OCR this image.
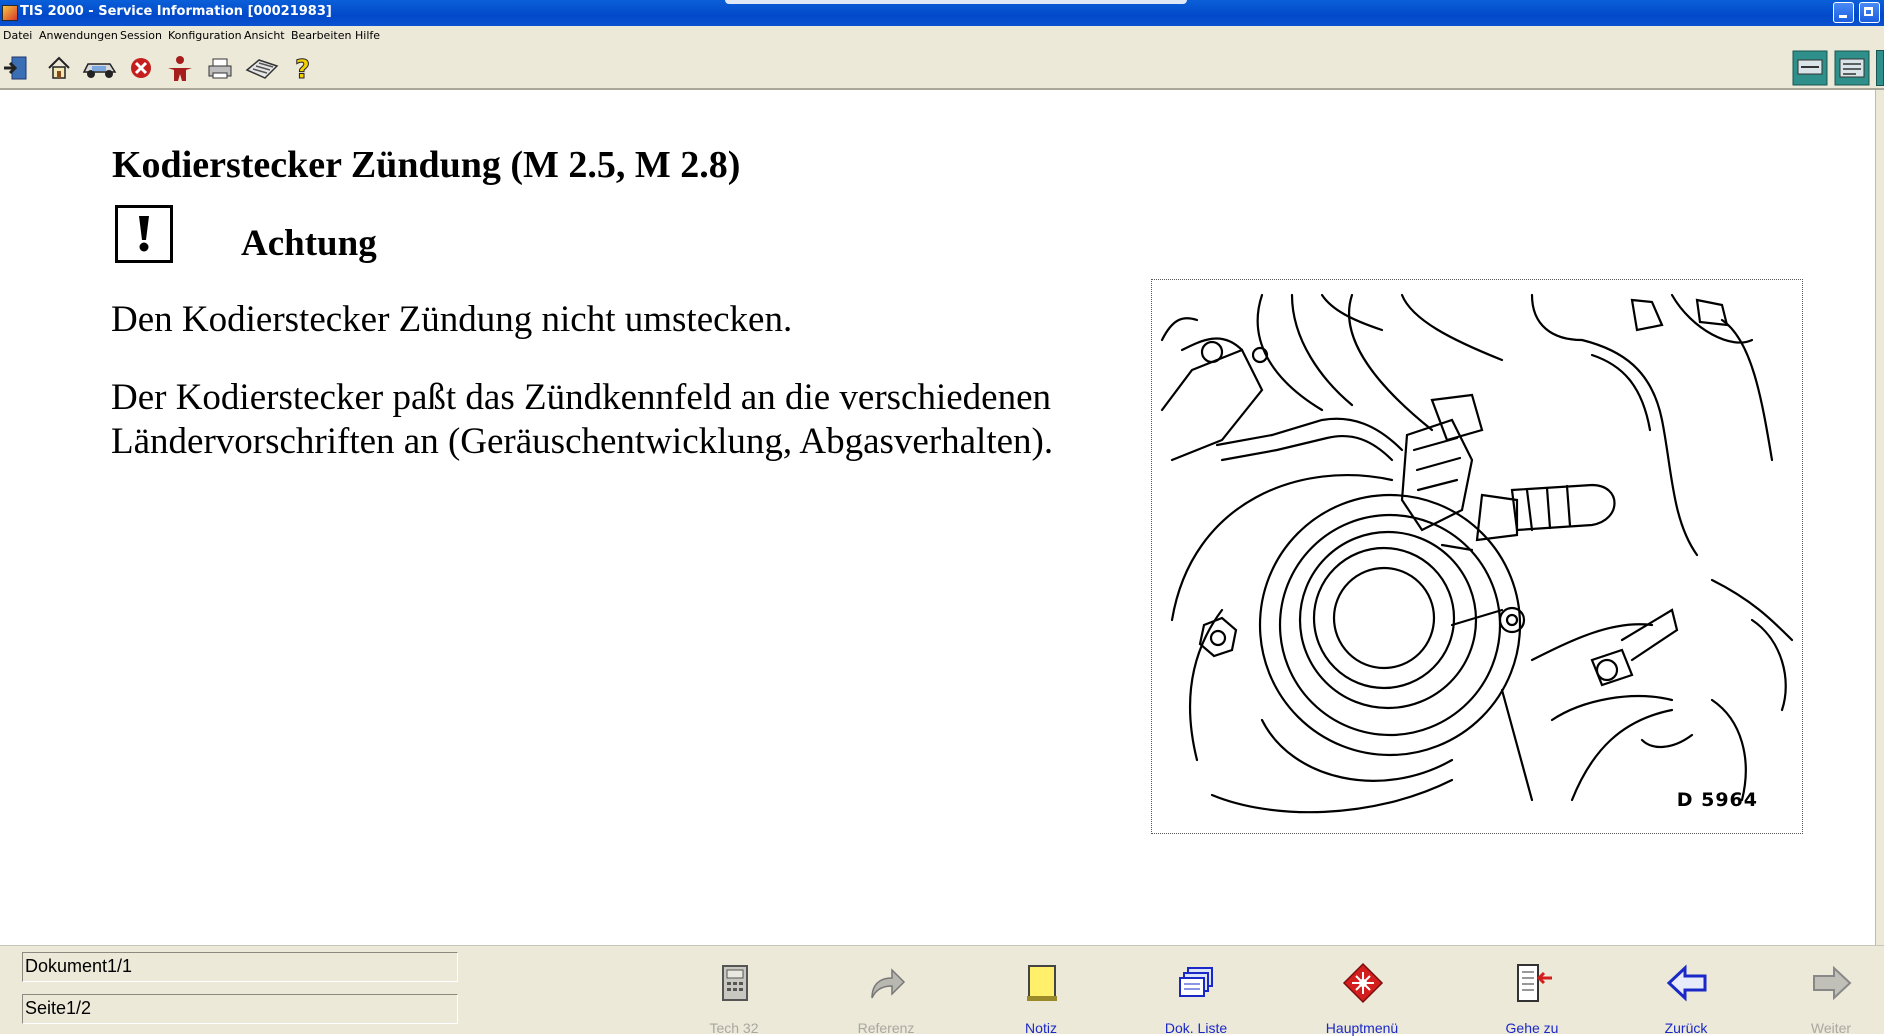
TIS 2000 - Service Information [00021983]
Datei Anwendungen Session Konfiguration Ansicht Bearbeiten Hilfe
?
Kodierstecker Zündung (M 2.5, M 2.8)
Achtung
Den Kodierstecker Zündung nicht umstecken.
Der Kodierstecker paßt das Zündkennfeld an die verschiedenen
Ländervorschriften an (Geräuschentwicklung, Abgasverhalten).
D 5964
Dokument1/1
Seite1/2
Tech 32	Referenz	Notiz	Dok. Liste	Hauptmenü	Gehe zu	Zurück	Weiter
